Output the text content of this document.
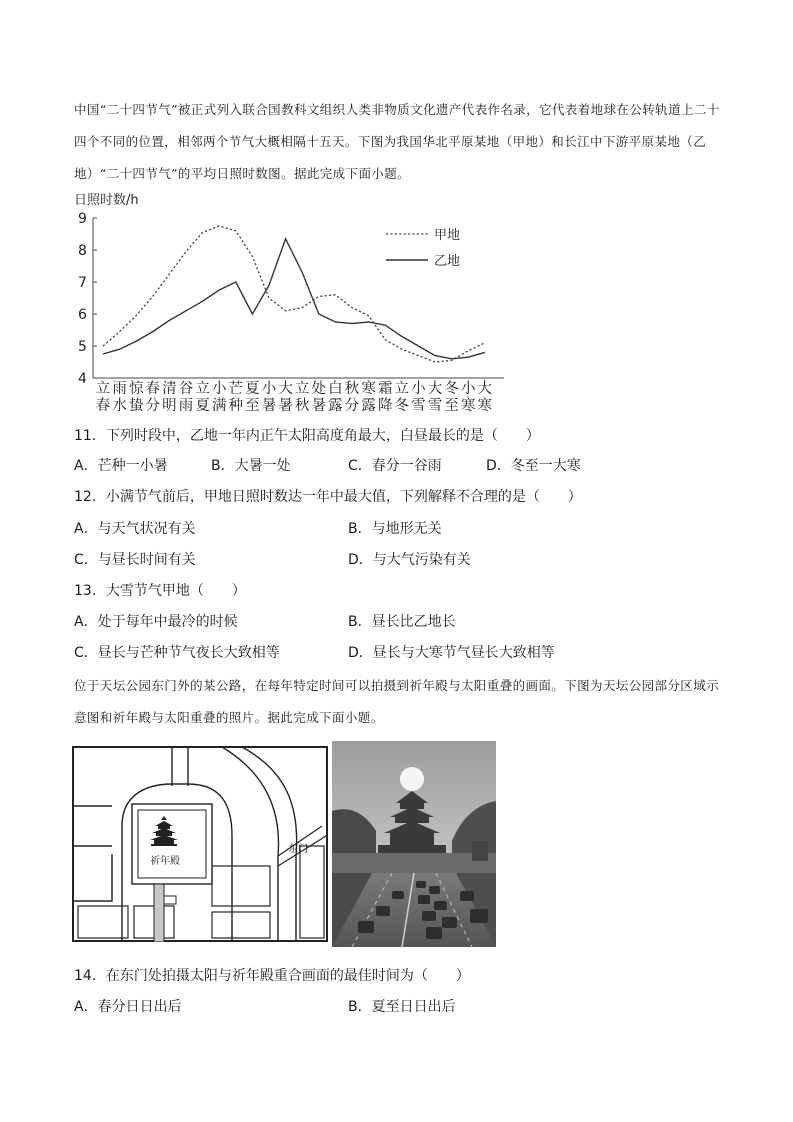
中国“二十四节气”被正式列入联合国教科文组织人类非物质文化遗产代表作名录，它代表着地球在公转轨道上二十四个不同的位置，相邻两个节气大概相隔十五天。下图为我国华北平原某地（甲地）和长江中下游平原某地（乙地）“二十四节气”的平均日照时数图。据此完成下面小题。

日照时数/h
4
5
6
7
8
9
立
春
雨
水
惊
蛰
春
分
清
明
谷
雨
立
夏
小
满
芒
种
夏
至
小
暑
大
暑
立
秋
处
暑
白
露
秋
分
寒
露
霜
降
立
冬
小
雪
大
雪
冬
至
小
寒
大
寒
甲地
乙地
11．下列时段中，乙地一年内正午太阳高度角最大，白昼最长的是（　　）
A．芒种一小暑	B．大暑一处	C．春分一谷雨	D．冬至一大寒
12．小满节气前后，甲地日照时数达一年中最大值，下列解释不合理的是（　　）
A．与天气状况有关	B．与地形无关
C．与昼长时间有关	D．与大气污染有关
13．大雪节气甲地（　　）
A．处于每年中最冷的时候	B．昼长比乙地长
C．昼长与芒种节气夜长大致相等	D．昼长与大寒节气昼长大致相等

位于天坛公园东门外的某公路，在每年特定时间可以拍摄到祈年殿与太阳重叠的画面。下图为天坛公园部分区域示意图和祈年殿与太阳重叠的照片。据此完成下面小题。

祈年殿
东门
14．在东门处拍摄太阳与祈年殿重合画面的最佳时间为（　　）
A．春分日日出后	B．夏至日日出后
